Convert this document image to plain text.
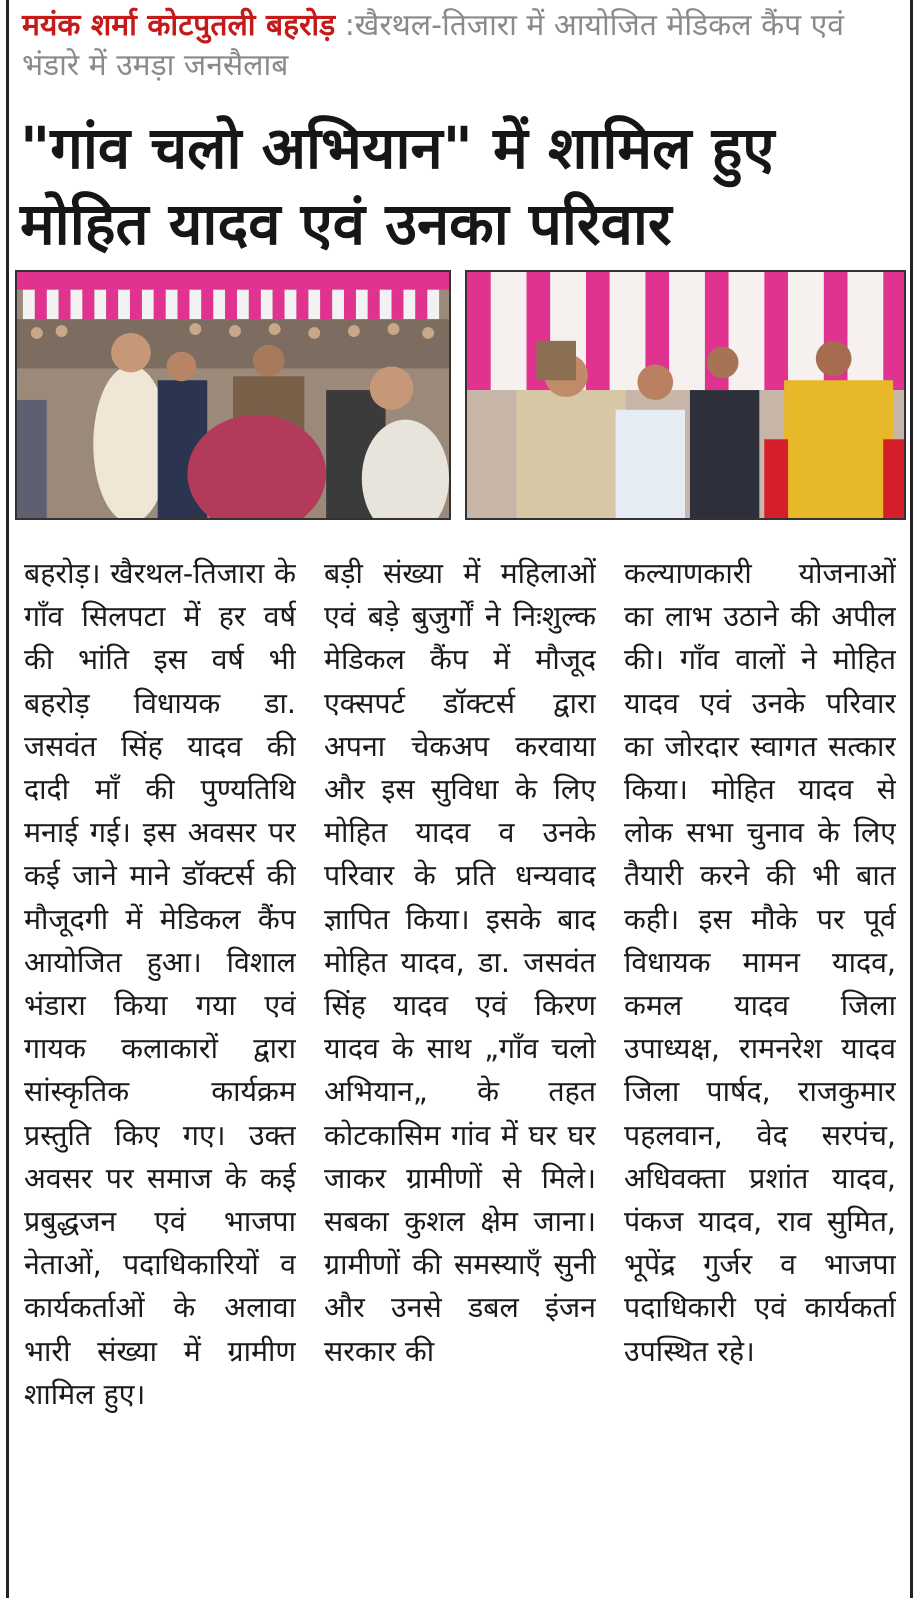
मयंक शर्मा कोटपुतली बहरोड़ :खैरथल-तिजारा में आयोजित मेडिकल कैंप एवं भंडारे में उमड़ा जनसैलाब
"गांव चलो अभियान" में शामिल हुए मोहित यादव एवं उनका परिवार
बहरोड़। खैरथल-तिजारा के गाँव सिलपटा में हर वर्ष की भांति इस वर्ष भी बहरोड़ विधायक डा. जसवंत सिंह यादव की दादी माँ की पुण्यतिथि मनाई गई। इस अवसर पर कई जाने माने डॉक्टर्स की मौजूदगी में मेडिकल कैंप आयोजित हुआ। विशाल भंडारा किया गया एवं गायक कलाकारों द्वारा सांस्कृतिक कार्यक्रम प्रस्तुति किए गए। उक्त अवसर पर समाज के कई प्रबुद्धजन एवं भाजपा नेताओं, पदाधिकारियों व कार्यकर्ताओं के अलावा भारी संख्या में ग्रामीण शामिल हुए।
बड़ी संख्या में महिलाओं एवं बड़े बुजुर्गों ने निःशुल्क मेडिकल कैंप में मौजूद एक्सपर्ट डॉक्टर्स द्वारा अपना चेकअप करवाया और इस सुविधा के लिए मोहित यादव व उनके परिवार के प्रति धन्यवाद ज्ञापित किया। इसके बाद मोहित यादव, डा. जसवंत सिंह यादव एवं किरण यादव के साथ „गाँव चलो अभियान„ के तहत कोटकासिम गांव में घर घर जाकर ग्रामीणों से मिले। सबका कुशल क्षेम जाना। ग्रामीणों की समस्याएँ सुनी और उनसे डबल इंजन सरकार की
कल्याणकारी योजनाओं का लाभ उठाने की अपील की। गाँव वालों ने मोहित यादव एवं उनके परिवार का जोरदार स्वागत सत्कार किया। मोहित यादव से लोक सभा चुनाव के लिए तैयारी करने की भी बात कही। इस मौके पर पूर्व विधायक मामन यादव, कमल यादव जिला उपाध्यक्ष, रामनरेश यादव जिला पार्षद, राजकुमार पहलवान, वेद सरपंच, अधिवक्ता प्रशांत यादव, पंकज यादव, राव सुमित, भूपेंद्र गुर्जर व भाजपा पदाधिकारी एवं कार्यकर्ता उपस्थित रहे।
